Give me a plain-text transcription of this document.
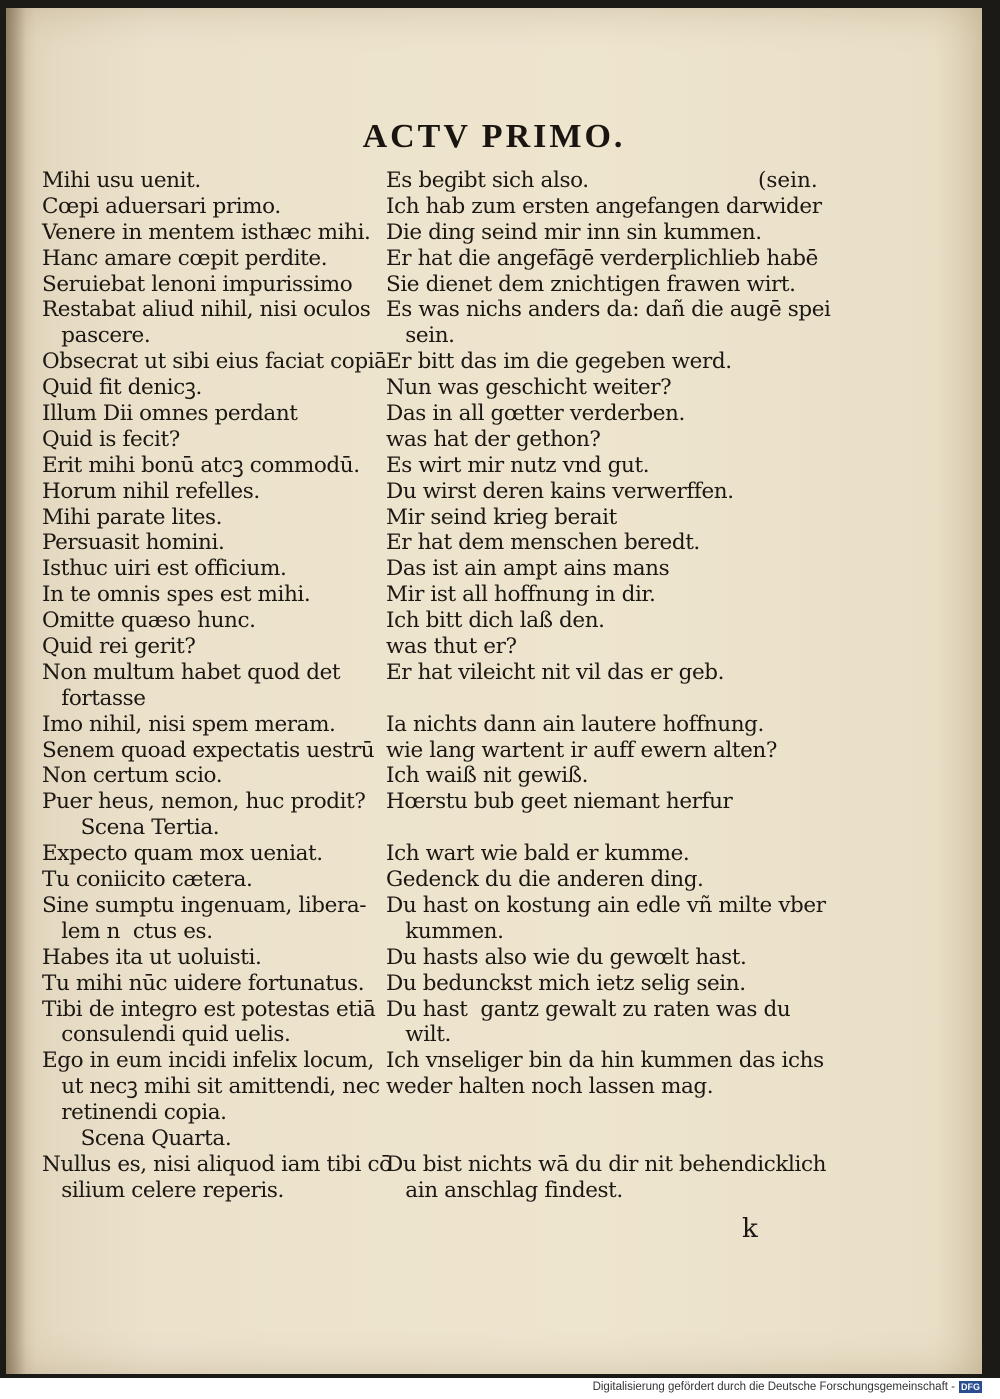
ACTV PRIMO.
(sein.
Mihi usu uenit.
Cœpi aduersari primo.
Venere in mentem isthæc mihi.
Hanc amare cœpit perdite.
Seruiebat lenoni impurissimo
Restabat aliud nihil, nisi oculos
pascere.
Obsecrat ut sibi eius faciat copiā
Quid fit denicꝫ.
Illum Dii omnes perdant
Quid is fecit?
Erit mihi bonū atcꝫ commodū.
Horum nihil refelles.
Mihi parate lites.
Persuasit homini.
Isthuc uiri est officium.
In te omnis spes est mihi.
Omitte quæso hunc.
Quid rei gerit?
Non multum habet quod det
fortasse
Imo nihil, nisi spem meram.
Senem quoad expectatis uestrū
Non certum scio.
Puer heus, nemon, huc prodit?
Scena Tertia.
Expecto quam mox ueniat.
Tu coniicito cætera.
Sine sumptu ingenuam, libera-
lem n  ctus es.
Habes ita ut uoluisti.
Tu mihi nūc uidere fortunatus.
Tibi de integro est potestas etiā
consulendi quid uelis.
Ego in eum incidi infelix locum,
ut necꝫ mihi sit amittendi, nec
retinendi copia.
Scena Quarta.
Nullus es, nisi aliquod iam tibi cō
silium celere reperis.
Es begibt sich also.
Ich hab zum ersten angefangen darwider
Die ding seind mir inn sin kummen.
Er hat die angefāgē verderplichlieb habē
Sie dienet dem znichtigen frawen wirt.
Es was nichs anders da: dañ die augē spei
sein.
Er bitt das im die gegeben werd.
Nun was geschicht weiter?
Das in all gœtter verderben.
was hat der gethon?
Es wirt mir nutz vnd gut.
Du wirst deren kains verwerffen.
Mir seind krieg berait
Er hat dem menschen beredt.
Das ist ain ampt ains mans
Mir ist all hoffnung in dir.
Ich bitt dich laß den.
was thut er?
Er hat vileicht nit vil das er geb.
Ia nichts dann ain lautere hoffnung.
wie lang wartent ir auff ewern alten?
Ich waiß nit gewiß.
Hœrstu bub geet niemant herfur
Ich wart wie bald er kumme.
Gedenck du die anderen ding.
Du hast on kostung ain edle vñ milte vber
kummen.
Du hasts also wie du gewœlt hast.
Du bedunckst mich ietz selig sein.
Du hast  gantz gewalt zu raten was du
wilt.
Ich vnseliger bin da hin kummen das ichs
weder halten noch lassen mag.
Du bist nichts wā du dir nit behendicklich
ain anschlag findest.
k
Digitalisierung gefördert durch die Deutsche Forschungsgemeinschaft - DFG
